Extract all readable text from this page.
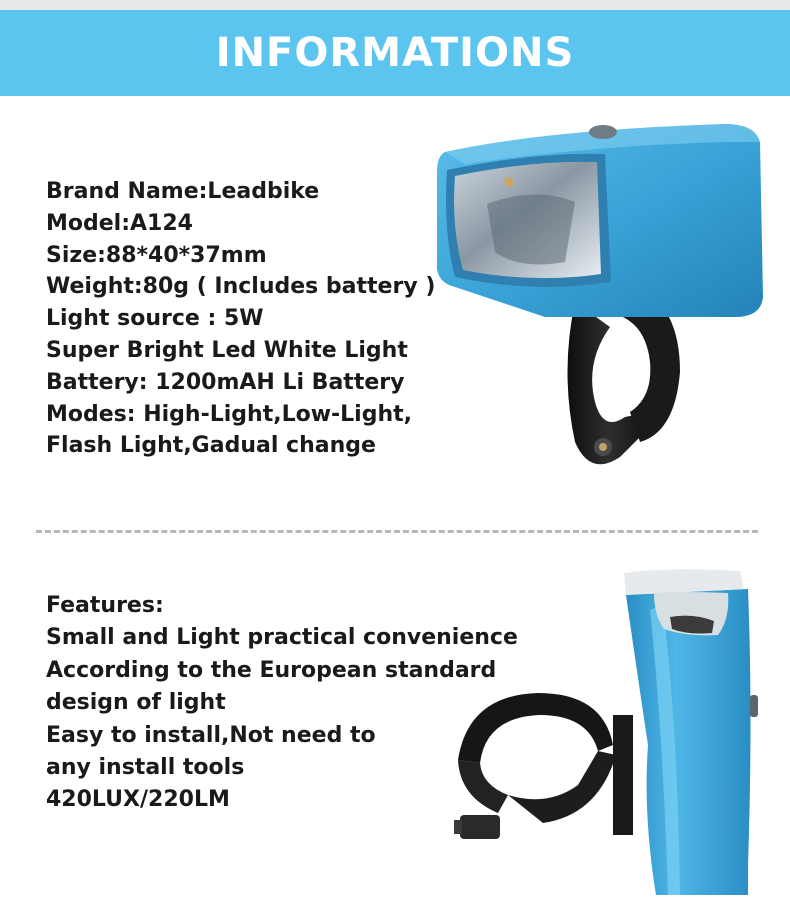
INFORMATIONS
Brand Name:Leadbike
Model:A124
Size:88*40*37mm
Weight:80g ( Includes battery )
Light source : 5W
Super Bright Led White Light
Battery: 1200mAH Li Battery
Modes: High-Light,Low-Light,
Flash Light,Gadual change
Features:
Small and Light practical convenience
According to the European standard
design of light
Easy to install,Not need to
any install tools
420LUX/220LM
